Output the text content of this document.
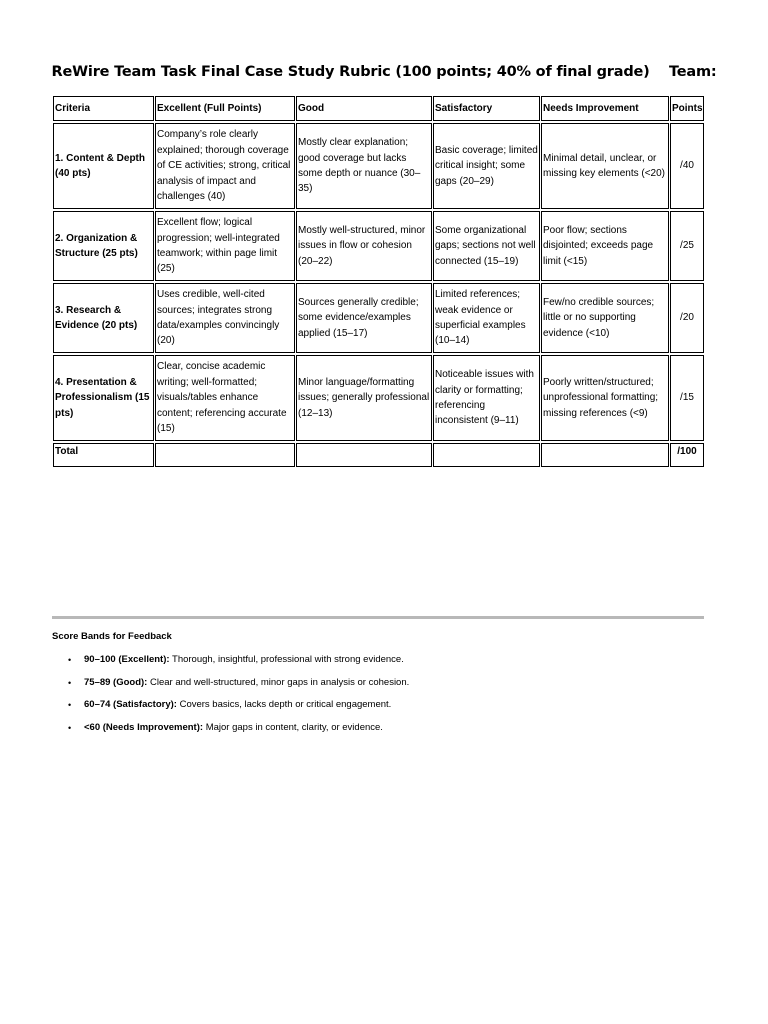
ReWire Team Task Final Case Study Rubric (100 points; 40% of final grade)    Team:
Criteria	Excellent (Full Points)	Good	Satisfactory	Needs Improvement	Points
1. Content & Depth (40 pts)	Company’s role clearly explained; thorough coverage of CE activities; strong, critical analysis of impact and challenges (40)	Mostly clear explanation; good coverage but lacks some depth or nuance (30–35)	Basic coverage; limited critical insight; some gaps (20–29)	Minimal detail, unclear, or missing key elements (<20)	/40
2. Organization & Structure (25 pts)	Excellent flow; logical progression; well-integrated teamwork; within page limit (25)	Mostly well-structured, minor issues in flow or cohesion (20–22)	Some organizational gaps; sections not well connected (15–19)	Poor flow; sections disjointed; exceeds page limit (<15)	/25
3. Research & Evidence (20 pts)	Uses credible, well-cited sources; integrates strong data/examples convincingly (20)	Sources generally credible; some evidence/examples applied (15–17)	Limited references; weak evidence or superficial examples (10–14)	Few/no credible sources; little or no supporting evidence (<10)	/20
4. Presentation & Professionalism (15 pts)	Clear, concise academic writing; well-formatted; visuals/tables enhance content; referencing accurate (15)	Minor language/formatting issues; generally professional (12–13)	Noticeable issues with clarity or formatting; referencing inconsistent (9–11)	Poorly written/structured; unprofessional formatting; missing references (<9)	/15
Total					/100
Score Bands for Feedback
• 90–100 (Excellent): Thorough, insightful, professional with strong evidence.
• 75–89 (Good): Clear and well-structured, minor gaps in analysis or cohesion.
• 60–74 (Satisfactory): Covers basics, lacks depth or critical engagement.
• <60 (Needs Improvement): Major gaps in content, clarity, or evidence.
